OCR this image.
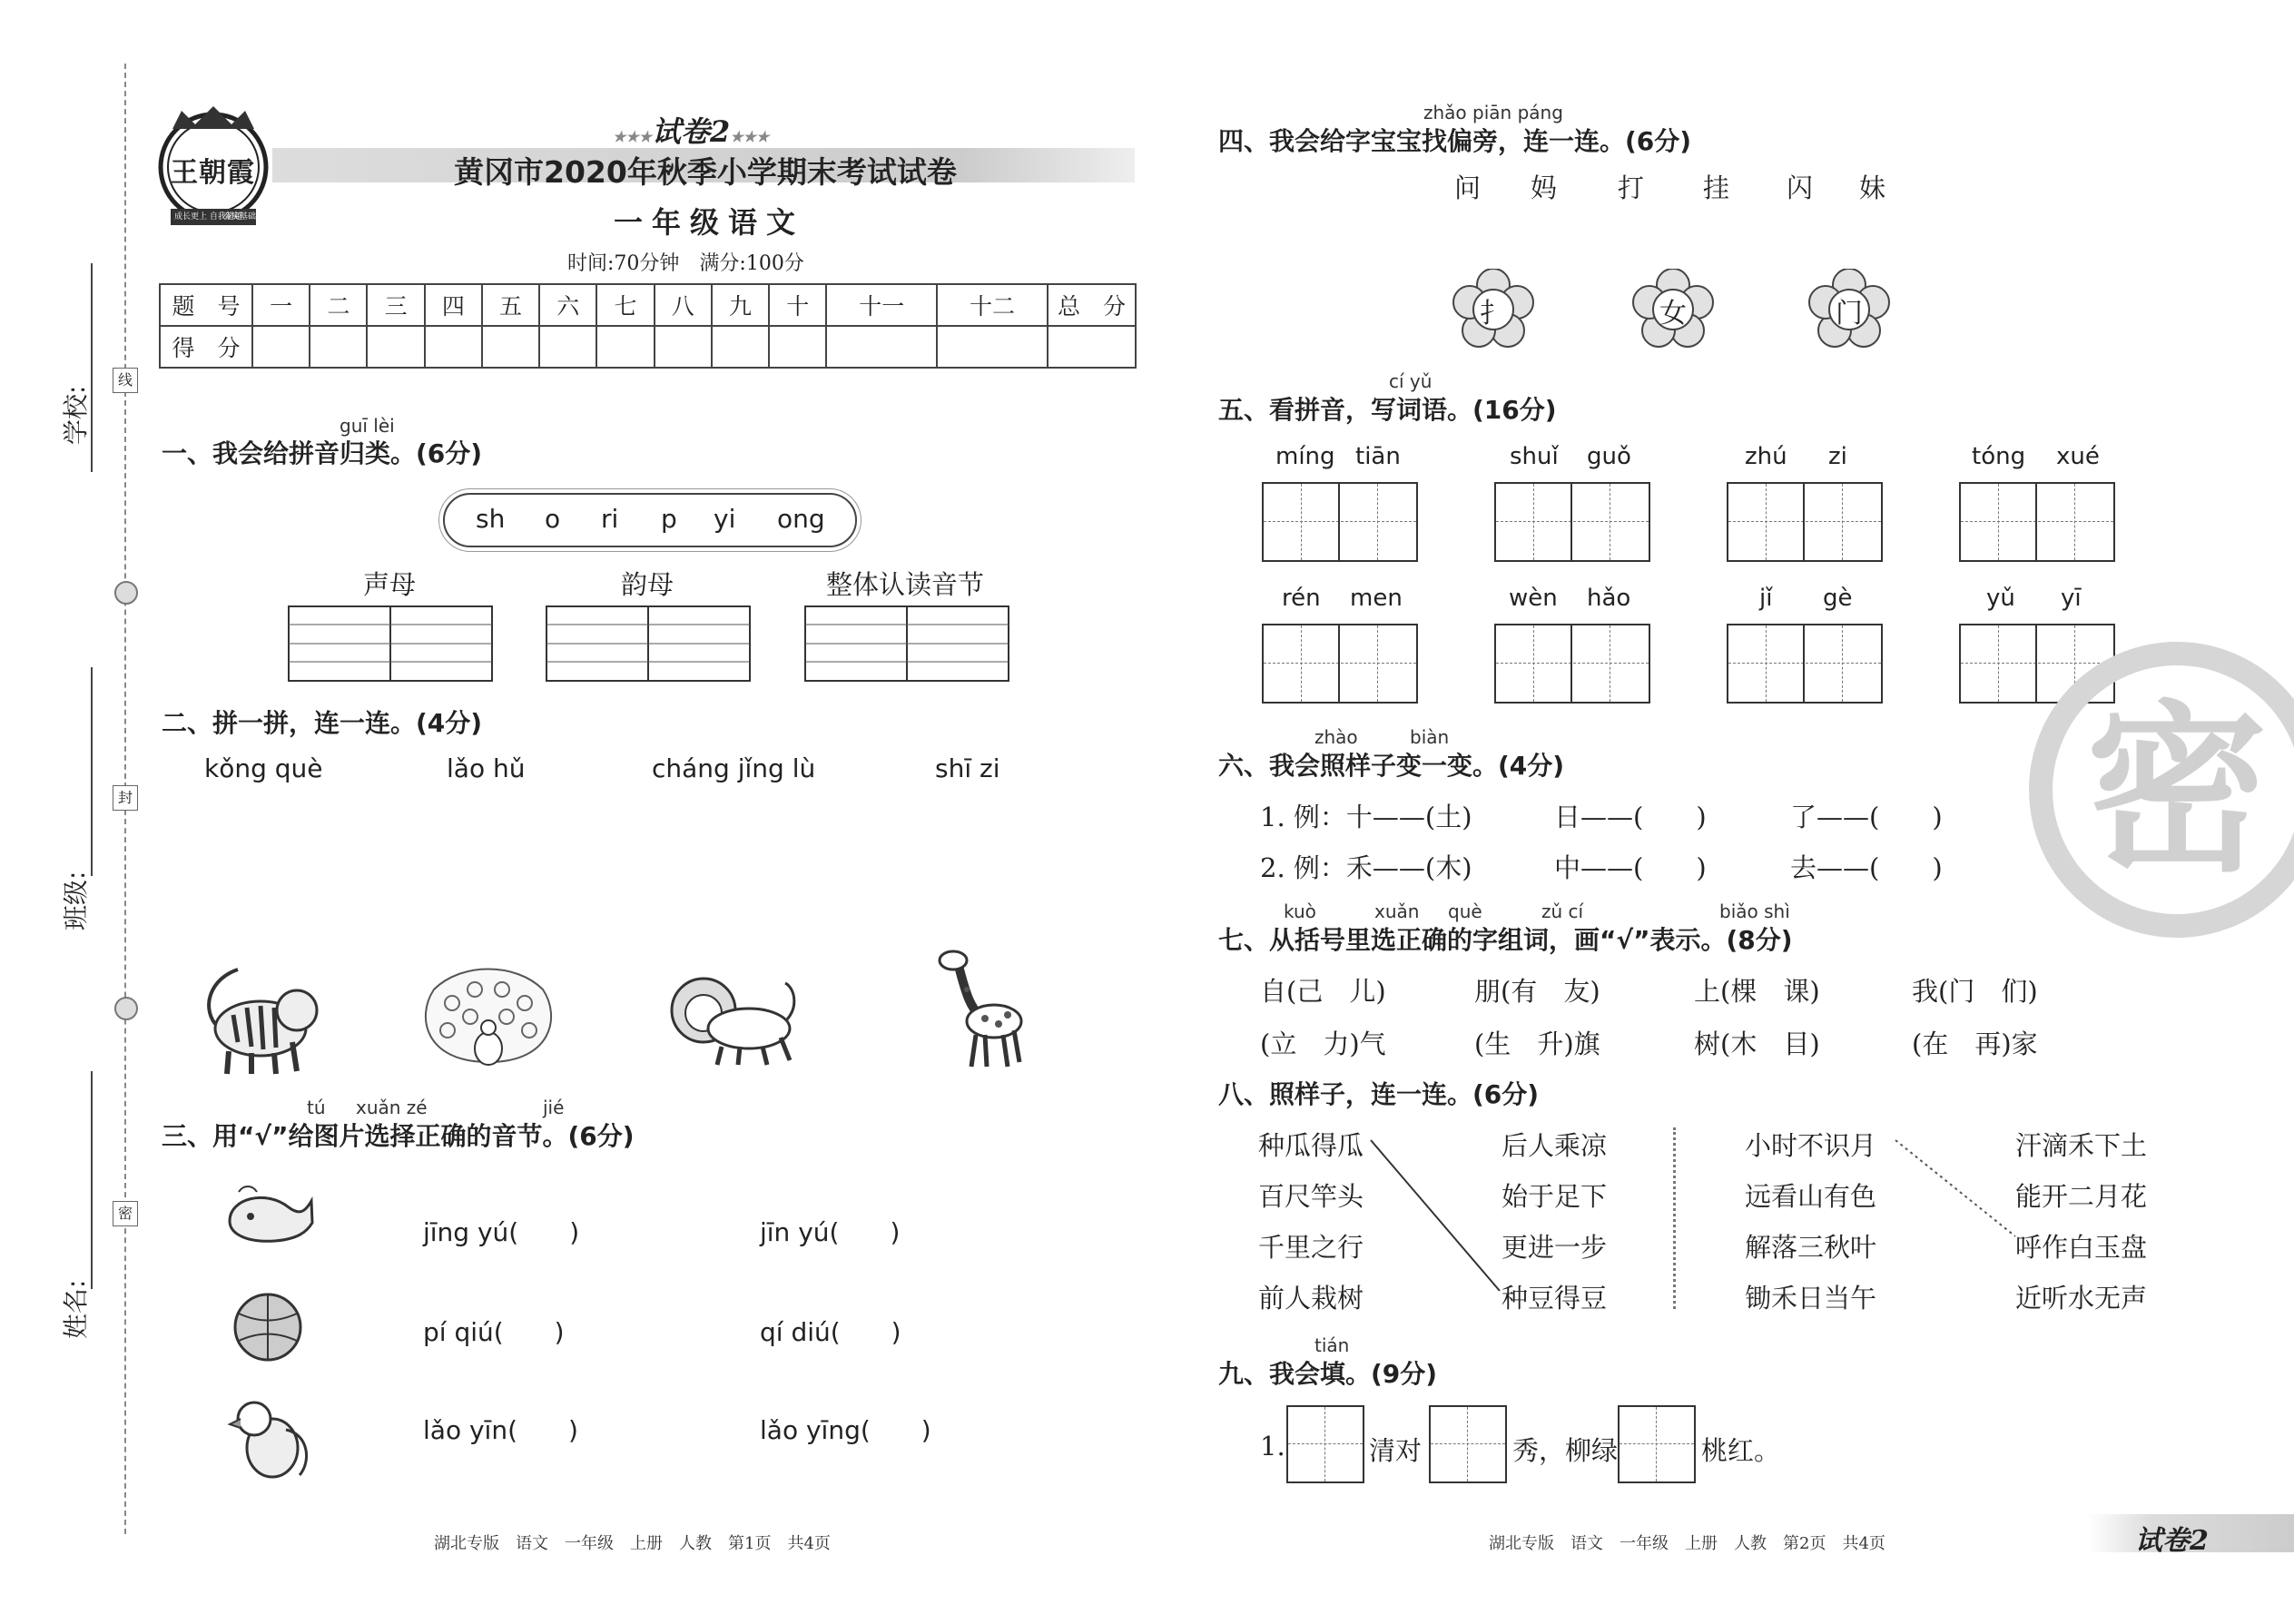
学校:
线
班级:
封
姓名:
密
王朝霞
成长更上 自我超越
夯实基础 巩固考点
★★★试卷2★★★
黄冈市2020年秋季小学期末考试试卷
一年级语文
时间:70分钟　满分:100分
题　号	一	二	三	四	五	六	七	八	九	十	十一	十二	总　分
得　分													
guī lèi
一、我会给拼音归类。(6分)
sh o ri p yi ong
声母	韵母	整体认读音节
二、拼一拼，连一连。(4分)
kǒng què	lǎo hǔ	cháng jǐng lù	shī zi
tú xuǎn zé	jié
三、用“√”给图片选择正确的音节。(6分)
jīng yú(　　)	jīn yú(　　)
pí qiú(　　)	qí diú(　　)
lǎo yīn(　　)	lǎo yīng(　　)
湖北专版　语文　一年级　上册　人教　第1页　共4页
zhǎo piān páng
四、我会给字宝宝找偏旁，连一连。(6分)
问 妈 打 挂 闪 妹
扌	女	门
cí yǔ
五、看拼音，写词语。(16分)
míng tiān	shuǐ guǒ	zhú zi	tóng xué
rén men	wèn hǎo	jǐ gè	yǔ yī
密
zhào	biàn
六、我会照样子变一变。(4分)
1. 例：十——(土)	日——(　　)	了——(　　)
2. 例：禾——(木)	中——(　　)	去——(　　)
kuò	xuǎn què	zǔ cí	biǎo shì
七、从括号里选正确的字组词，画“√”表示。(8分)
自(己　儿)	朋(有　友)	上(棵　课)	我(门　们)
(立　力)气	(生　升)旗	树(木　目)	(在　再)家
八、照样子，连一连。(6分)
种瓜得瓜
百尺竿头
千里之行
前人栽树
后人乘凉
始于足下
更进一步
种豆得豆
小时不识月
远看山有色
解落三秋叶
锄禾日当午
汗滴禾下土
能开二月花
呼作白玉盘
近听水无声
tián
九、我会填。(9分)
1.	清对	秀，柳绿	桃红。
湖北专版　语文　一年级　上册　人教　第2页　共4页	试卷2
